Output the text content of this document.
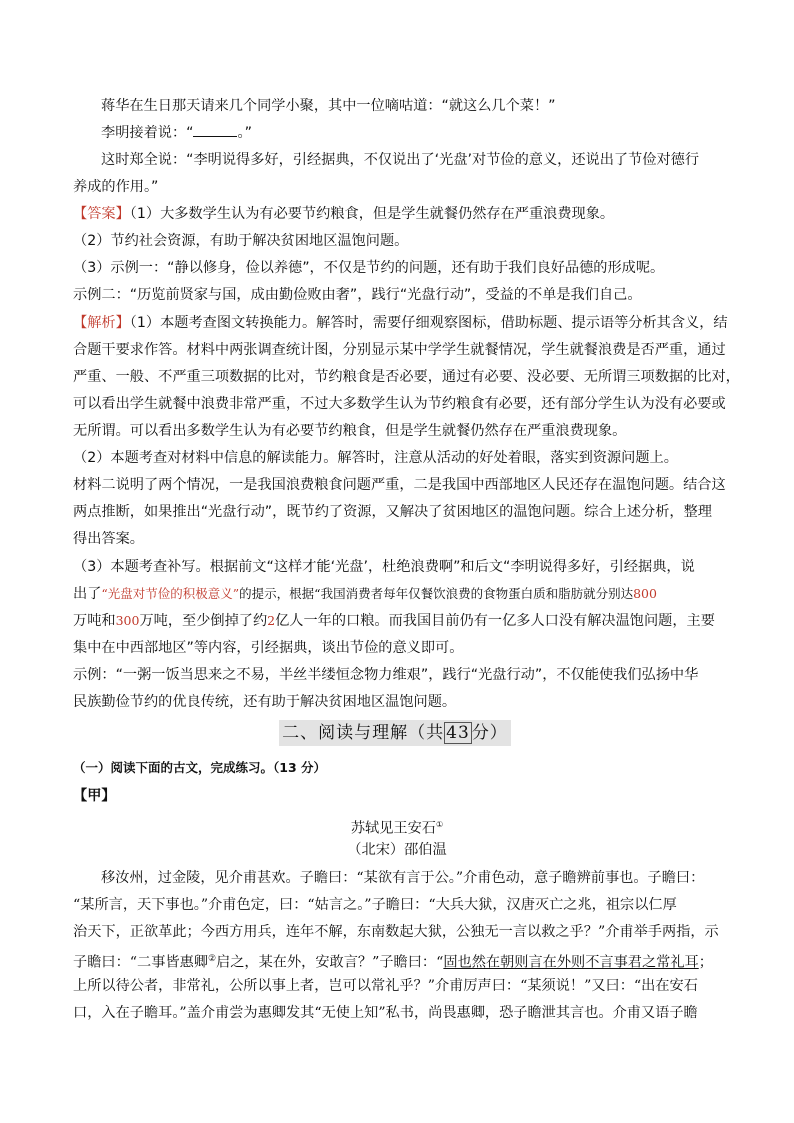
蒋华在生日那天请来几个同学小聚，其中一位嘀咕道：“就这么几个菜！”
李明接着说：“	。”
这时郑全说：“李明说得多好，引经据典，不仅说出了‘光盘’对节俭的意义，还说出了节俭对德行
养成的作用。”
【答案】（1）大多数学生认为有必要节约粮食，但是学生就餐仍然存在严重浪费现象。
（2）节约社会资源，有助于解决贫困地区温饱问题。
（3）示例一：“静以修身，俭以养德”，不仅是节约的问题，还有助于我们良好品德的形成呢。
示例二：“历览前贤家与国，成由勤俭败由奢”，践行“光盘行动”，受益的不单是我们自己。
【解析】（1）本题考查图文转换能力。解答时，需要仔细观察图标，借助标题、提示语等分析其含义，结
合题干要求作答。材料中两张调查统计图，分别显示某中学学生就餐情况，学生就餐浪费是否严重，通过
严重、一般、不严重三项数据的比对，节约粮食是否必要，通过有必要、没必要、无所谓三项数据的比对，
可以看出学生就餐中浪费非常严重，不过大多数学生认为节约粮食有必要，还有部分学生认为没有必要或
无所谓。可以看出多数学生认为有必要节约粮食，但是学生就餐仍然存在严重浪费现象。
（2）本题考查对材料中信息的解读能力。解答时，注意从活动的好处着眼，落实到资源问题上。
材料二说明了两个情况，一是我国浪费粮食问题严重，二是我国中西部地区人民还存在温饱问题。结合这
两点推断，如果推出“光盘行动”，既节约了资源，又解决了贫困地区的温饱问题。综合上述分析，整理
得出答案。
（3）本题考查补写。根据前文“这样才能‘光盘’，杜绝浪费啊”和后文“李明说得多好，引经据典，说
出了“光盘对节俭的积极意义”的提示，根据“我国消费者每年仅餐饮浪费的食物蛋白质和脂肪就分别达800
万吨和300万吨，至少倒掉了约2亿人一年的口粮。而我国目前仍有一亿多人口没有解决温饱问题，主要
集中在中西部地区”等内容，引经据典，谈出节俭的意义即可。
示例：“一粥一饭当思来之不易，半丝半缕恒念物力维艰”，践行“光盘行动”，不仅能使我们弘扬中华
民族勤俭节约的优良传统，还有助于解决贫困地区温饱问题。
二、阅读与理解（共 43 分）
（一）阅读下面的古文，完成练习。（13 分）
【甲】
苏轼见王安石①
（北宋）邵伯温
移汝州，过金陵，见介甫甚欢。子瞻曰：“某欲有言于公。”介甫色动，意子瞻辨前事也。子瞻曰：
“某所言，天下事也。”介甫色定，曰：“姑言之。”子瞻曰：“大兵大狱，汉唐灭亡之兆，祖宗以仁厚
治天下，正欲革此；今西方用兵，连年不解，东南数起大狱，公独无一言以救之乎？”介甫举手两指，示
子瞻曰：“二事皆惠卿②启之，某在外，安敢言？”子瞻曰：“固也然在朝则言在外则不言事君之常礼耳；
上所以待公者，非常礼，公所以事上者，岂可以常礼乎？”介甫厉声曰：“某须说！”又曰：“出在安石
口，入在子瞻耳。”盖介甫尝为惠卿发其“无使上知”私书，尚畏惠卿，恐子瞻泄其言也。介甫又语子瞻
